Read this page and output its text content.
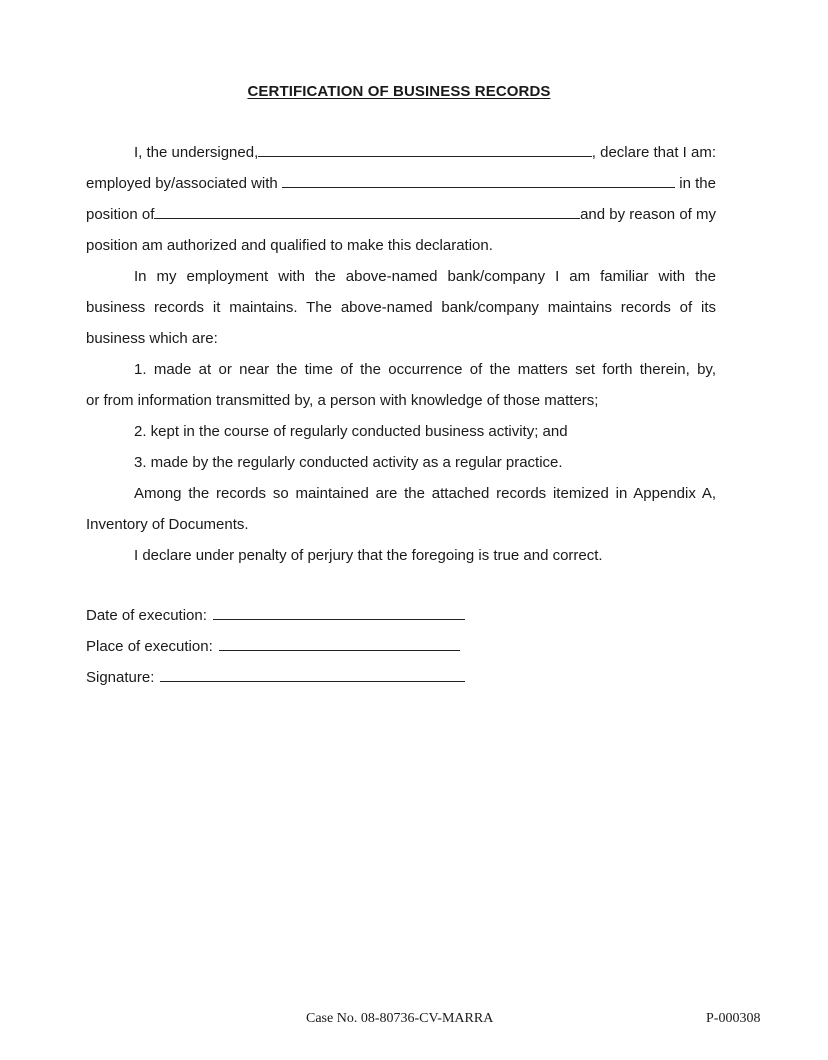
CERTIFICATION OF BUSINESS RECORDS
I, the undersigned,	, declare that I am:
employed by/associated with	in the
position of	and by reason of my
position am authorized and qualified to make this declaration.
In my employment with the above-named bank/company I am familiar with the
business records it maintains. The above-named bank/company maintains records of its
business which are:
1. made at or near the time of the occurrence of the matters set forth therein, by,
or from information transmitted by, a person with knowledge of those matters;
2. kept in the course of regularly conducted business activity; and
3. made by the regularly conducted activity as a regular practice.
Among the records so maintained are the attached records itemized in Appendix A,
Inventory of Documents.
I declare under penalty of perjury that the foregoing is true and correct.
Date of execution:
Place of execution:
Signature:
Case No. 08-80736-CV-MARRA	P-000308
